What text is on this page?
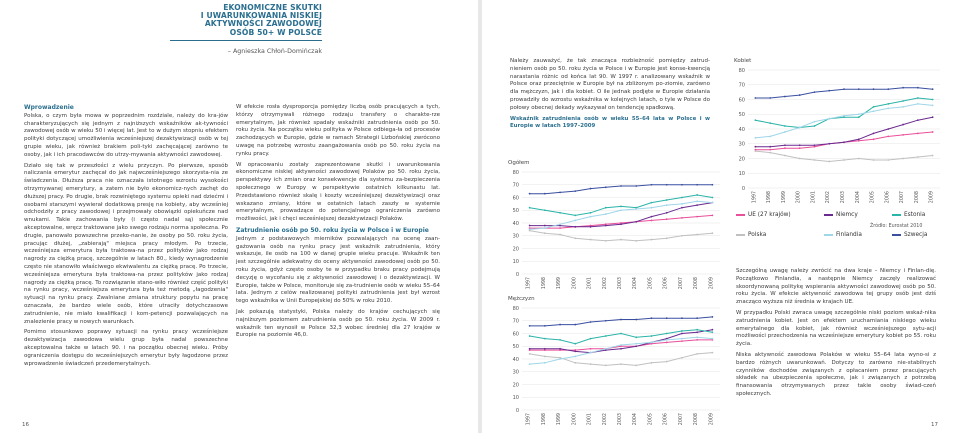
EKONOMICZNE SKUTKI
I UWARUNKOWANIA NISKIEJ
AKTYWNOŚCI ZAWODOWEJ
OSÓB 50+ W POLSCE
– Agnieszka Chłoń-Domińczak
Wprowadzenie

Polska, o czym była mowa w poprzednim rozdziale, należy do kra-jów charakteryzujących się jednym z najniższych wskaźników ak-tywności zawodowej osób w wieku 50 i więcej lat. Jest to w dużym stopniu efektem polityki dotyczącej umożliwienia wcześniejszej dezaktywizacji osób w tej grupie wieku, jak również brakiem poli-tyki zachęcającej zarówno te osoby, jak i ich pracodawców do utrzy-mywania aktywności zawodowej.

Działo się tak w przeszłości z wielu przyczyn. Po pierwsze, sposób naliczania emerytur zachęcał do jak najwcześniejszego skorzysta-nia ze świadczenia. Dłuższa praca nie oznaczała istotnego wzrostu wysokości otrzymywanej emerytury, a zatem nie było ekonomicz-nych zachęt do dłuższej pracy. Po drugie, brak rozwiniętego systemu opieki nad dziećmi i osobami starszymi wywierał dodatkową presję na kobiety, aby wcześniej odchodziły z pracy zawodowej i przejmowały obowiązki opiekuńcze nad wnukami. Takie zachowania były (i często nadal są) społecznie akceptowalne, wręcz traktowane jako swego rodzaju norma społeczna. Po drugie, panowało powszechne przeko-nanie, że osoby po 50. roku życia, pracując dłużej, „zabierają" miejsca pracy młodym. Po trzecie, wcześniejsza emerytura była traktowa-na przez polityków jako rodzaj nagrody za ciężką pracę, szczególnie w latach 80., kiedy wynagrodzenie często nie stanowiło właściwego ekwiwalentu za ciężką pracę. Po trzecie, wcześniejsza emerytura była traktowa-na przez polityków jako rodzaj nagrody za ciężką pracę. To rozwiązanie stano-wiło również część polityki na rynku pracy, wcześniejsza emerytura była też metodą „łagodzenia" sytuacji na rynku pracy. Zwalniane zmiana struktury popytu na pracę oznaczała, że bardzo wiele osób, które utraciły dotychczasowe zatrudnienie, nie miało kwalifikacji i kom-petencji pozwalających na znalezienie pracy w nowych warunkach.

Pomimo stosunkowo poprawy sytuacji na rynku pracy wcześniejsze dezaktywizacja zawodowa wielu grup była nadal powszechne akceptowalna także w latach 90. i na początku obecnej wieku. Próby ograniczenia dostępu do wcześniejszych emerytur były łagodzone przez wprowadzenie świadczeń przedemerytalnych.

W efekcie rosła dysproporcja pomiędzy liczbą osób pracujących a tych, którzy otrzymywali różnego rodzaju transfery o charakte-rze emerytalnym, jak również spadały wskaźniki zatrudnienia osób po 50. roku życia. Na początku wieku polityka w Polsce odbiega-ła od procesów zachodzących w Europie, gdzie w ramach Strategii Lizbońskiej zwrócono uwagę na potrzebę wzrostu zaangażowania osób po 50. roku życia na rynku pracy.

W opracowaniu zostały zaprezentowane skutki i uwarunkowania ekonomiczne niskiej aktywności zawodowej Polaków po 50. roku życia, perspektywy ich zmian oraz konsekwencje dla systemu za-bezpieczenia społecznego w Europy w perspektywie ostatnich kilkunastu lat. Przedstawiono również skalę i koszty wcześniejszej dezaktywizacji oraz wskazano zmiany, które w ostatnich latach zaszły w systemie emerytalnym, prowadzące do potencjalnego ograniczenia zarówno możliwości, jak i chęci wcześniejszej dezaktywizacji Polaków.

Zatrudnienie osób po 50. roku życia w Polsce i w Europie

Jednym z podstawowych mierników pozwalających na ocenę zaan-gażowania osób na rynku pracy jest wskaźnik zatrudnienia, który wskazuje, ile osób na 100 w danej grupie wieku pracuje. Wskaźnik ten jest szczególnie adekwatny do oceny aktywności zawodowej osób po 50. roku życia, gdyż często osoby te w przypadku braku pracy podejmują decyzję o wycofaniu się z aktywności zawodowej i o dezaktywizacji. W Europie, także w Polsce, monitoruje się za-trudnienie osób w wieku 55–64 lata. Jednym z celów realizowanej polityki zatrudnienia jest był wzrost tego wskaźnika w Unii Europejskiej do 50% w roku 2010.

Jak pokazują statystyki, Polska należy do krajów cechujących się najniższym poziomem zatrudnienia osób po 50. roku życia. W 2009 r. wskaźnik ten wynosił w Polsce 32,3 wobec średniej dla 27 krajów w Europie na poziomie 46,0.

16

Należy zauważyć, że tak znacząca rozbieżność pomiędzy zatrud-nieniem osób po 50. roku życia w Polsce i w Europie jest konse-kwencją narastania różnic od końca lat 90. W 1997 r. analizowany wskaźnik w Polsce oraz przeciętnie w Europie był na zbliżonym po-ziomie, zarówno dla mężczyzn, jak i dla kobiet. O ile jednak podjęte w Europie działania prowadziły do wzrostu wskaźnika w kolejnych latach, o tyle w Polsce do połowy obecnej dekady wykazywał on tendencję spadkową.

Wskaźnik zatrudnienia osób w wieku 55–64 lata w Polsce i w Europie w latach 1997–2009

Szczególną uwagę należy zwrócić na dwa kraje – Niemcy i Finlan-dię. Początkowo Finlandia, a następnie Niemcy zaczęły realizować skoordynowaną politykę wspierania aktywności zawodowej osób po 50. roku życia. W efekcie aktywność zawodowa tej grupy osób jest dziś znacząco wyższa niż średnia w krajach UE.

W przypadku Polski zwraca uwagę szczególnie niski poziom wskaź-nika zatrudnienia kobiet. Jest on efektem uruchamiania niskiego wieku emerytalnego dla kobiet, jak również wcześniejszego sytu-acji możliwości przechodzenia na wcześniejsze emerytury kobiet po 55. roku życia.

Niska aktywność zawodowa Polaków w wieku 55–64 lata wyno-si z bardzo różnych uwarunkowań. Dotyczy to zarówno nie-stabilnych czynników dochodów związanych z opłacaniem przez pracujących składek na ubezpieczenia społeczne, jak i związanych z potrzebą finansowania otrzymywanych przez takie osoby świad-czeń społecznych.

17
Ogółem
0
10
20
30
40
50
60
70
80
1997 1998 1999 2000 2001 2002 2003 2004 2005 2006 2007 2008 2009
Mężczyzn
0
10
20
30
40
50
60
70
80
1997 1998 1999 2000 2001 2002 2003 2004 2005 2006 2007 2008 2009
Kobiet
0
10
20
30
40
50
60
70
80
1997 1998 1999 2000 2001 2002 2003 2004 2005 2006 2007 2008 2009
Źródło: Eurostat 2010
UE (27 krajów)	Niemcy	Estonia
Polska	Finlandia	Szwecja
